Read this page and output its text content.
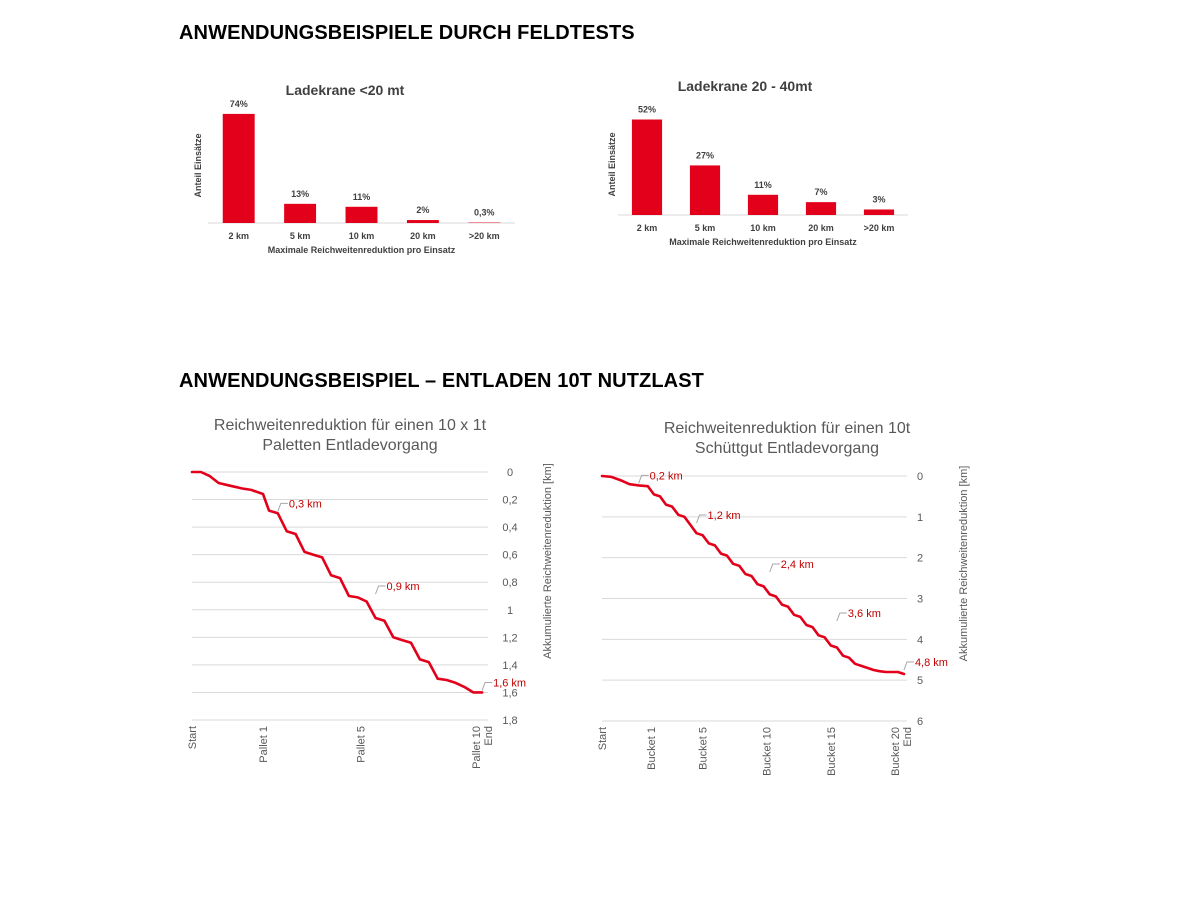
ANWENDUNGSBEISPIELE DURCH FELDTESTS
ANWENDUNGSBEISPIEL – ENTLADEN 10T NUTZLAST
Ladekrane <20 mt
74%
2 km
13%
5 km
11%
10 km
2%
20 km
0,3%
>20 km
Maximale Reichweitenreduktion pro Einsatz
Anteil Einsätze
Ladekrane 20 - 40mt
52%
2 km
27%
5 km
11%
10 km
7%
20 km
3%
>20 km
Maximale Reichweitenreduktion pro Einsatz
Anteil Einsätze
Reichweitenreduktion für einen 10 x 1t
Paletten Entladevorgang
0
0,2
0,4
0,6
0,8
1
1,2
1,4
1,6
1,8
Start	Pallet 1	Pallet 5	Pallet 10 End
Akkumulierte Reichweitenreduktion [km]
0,3 km
0,9 km
1,6 km
Reichweitenreduktion für einen 10t
Schüttgut Entladevorgang
0
1
2
3
4
5
6
Start	Bucket 1	Bucket 5	Bucket 10	Bucket 15	Bucket 20 End
Akkumulierte Reichweitenreduktion [km]
0,2 km
1,2 km
2,4 km
3,6 km
4,8 km
